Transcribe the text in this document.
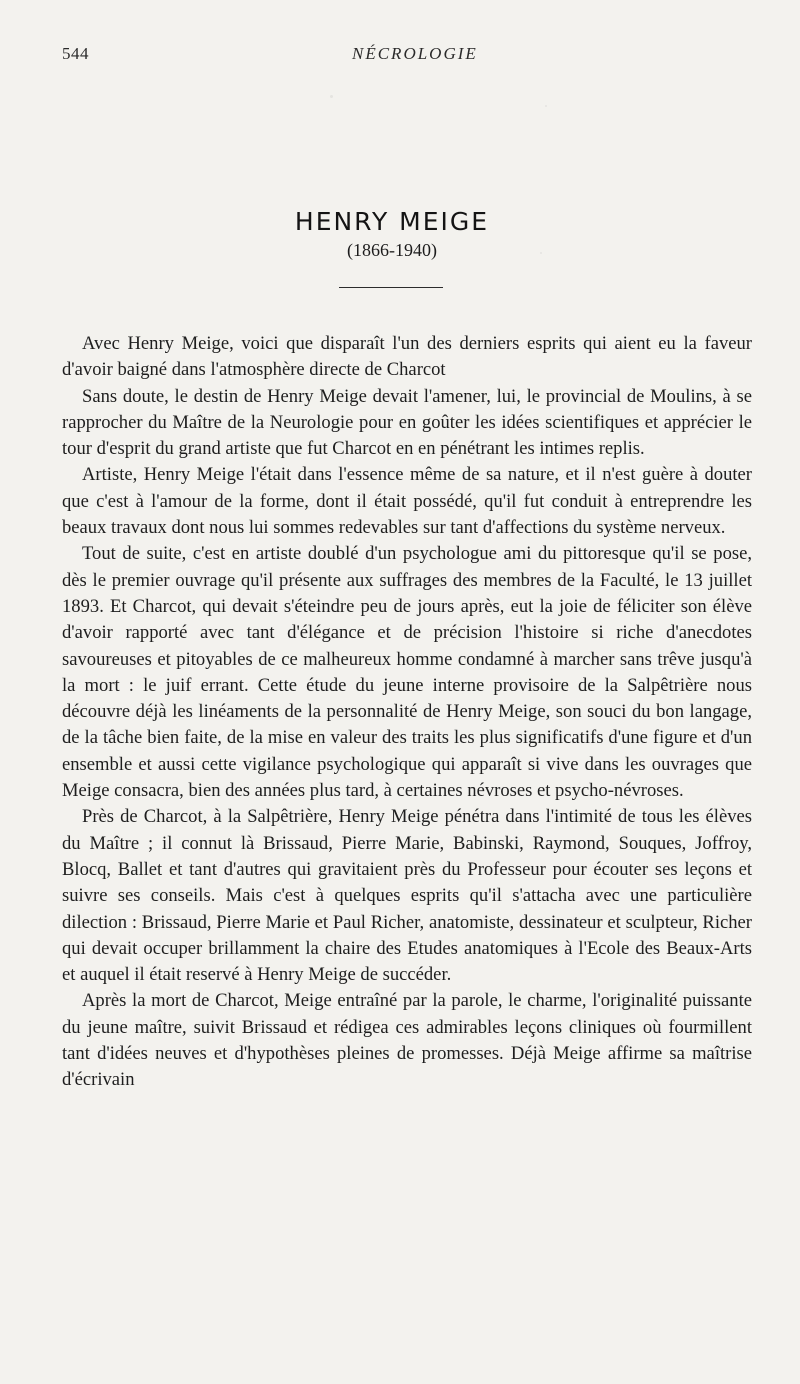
544	NÉCROLOGIE
HENRY MEIGE
(1866-1940)

Avec Henry Meige, voici que disparaît l'un des derniers esprits qui aient eu la faveur d'avoir baigné dans l'atmosphère directe de Charcot

Sans doute, le destin de Henry Meige devait l'amener, lui, le provincial de Moulins, à se rapprocher du Maître de la Neurologie pour en goûter les idées scientifiques et apprécier le tour d'esprit du grand artiste que fut Charcot en en pénétrant les intimes replis.

Artiste, Henry Meige l'était dans l'essence même de sa nature, et il n'est guère à douter que c'est à l'amour de la forme, dont il était possédé, qu'il fut conduit à entreprendre les beaux travaux dont nous lui sommes redevables sur tant d'affections du système nerveux.

Tout de suite, c'est en artiste doublé d'un psychologue ami du pittoresque qu'il se pose, dès le premier ouvrage qu'il présente aux suffrages des membres de la Faculté, le 13 juillet 1893. Et Charcot, qui devait s'éteindre peu de jours après, eut la joie de féliciter son élève d'avoir rapporté avec tant d'élégance et de précision l'histoire si riche d'anecdotes savoureuses et pitoyables de ce malheureux homme condamné à marcher sans trêve jusqu'à la mort : le juif errant. Cette étude du jeune interne provisoire de la Salpêtrière nous découvre déjà les linéaments de la personnalité de Henry Meige, son souci du bon langage, de la tâche bien faite, de la mise en valeur des traits les plus significatifs d'une figure et d'un ensemble et aussi cette vigilance psychologique qui apparaît si vive dans les ouvrages que Meige consacra, bien des années plus tard, à certaines névroses et psycho-névroses.

Près de Charcot, à la Salpêtrière, Henry Meige pénétra dans l'intimité de tous les élèves du Maître ; il connut là Brissaud, Pierre Marie, Babinski, Raymond, Souques, Joffroy, Blocq, Ballet et tant d'autres qui gravitaient près du Professeur pour écouter ses leçons et suivre ses conseils. Mais c'est à quelques esprits qu'il s'attacha avec une particulière dilection : Brissaud, Pierre Marie et Paul Richer, anatomiste, dessinateur et sculpteur, Richer qui devait occuper brillamment la chaire des Etudes anatomiques à l'Ecole des Beaux-Arts et auquel il était reservé à Henry Meige de succéder.

Après la mort de Charcot, Meige entraîné par la parole, le charme, l'originalité puissante du jeune maître, suivit Brissaud et rédigea ces admirables leçons cliniques où fourmillent tant d'idées neuves et d'hypothèses pleines de promesses. Déjà Meige affirme sa maîtrise d'écrivain
